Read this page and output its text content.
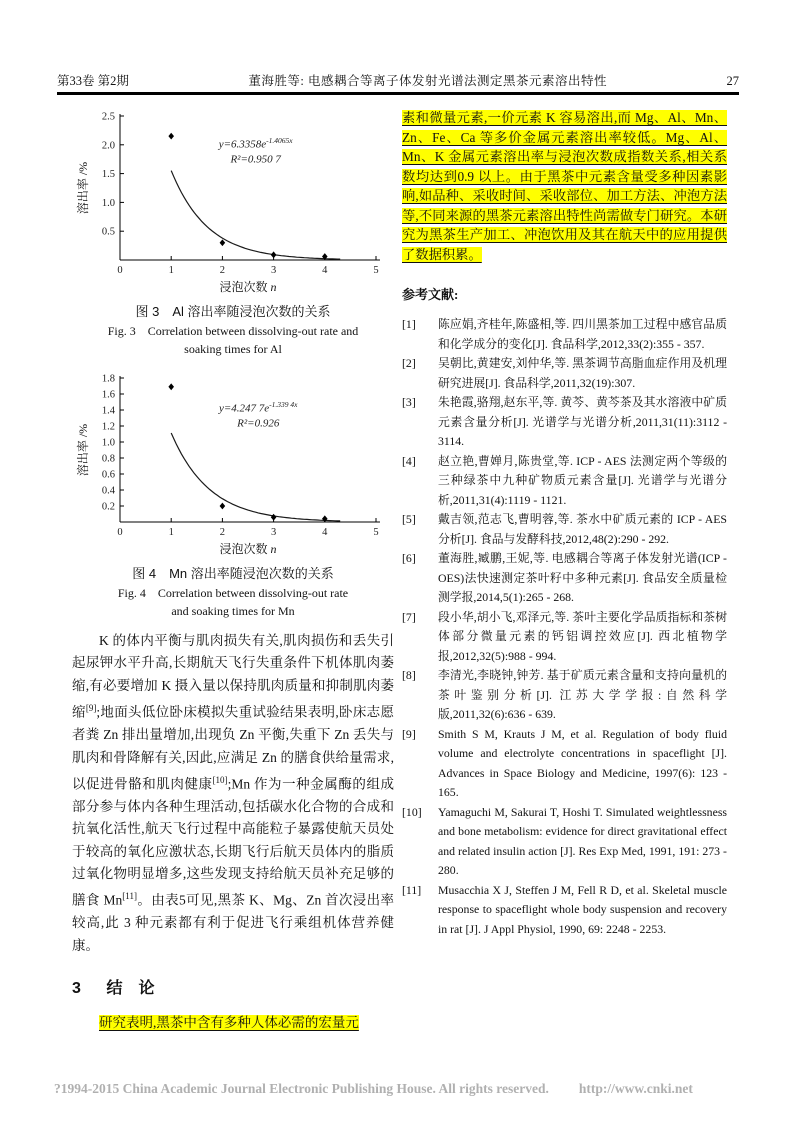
第33卷 第2期	董海胜等: 电感耦合等离子体发射光谱法测定黑茶元素溶出特性	27
0.5
1.0
1.5
2.0
2.5
0	1	2	3	4	5
$y=6.3358e^{-1.4065x}$
R²=0.950 7
浸泡次数 n
溶出率 /%
图 3　Al 溶出率随浸泡次数的关系
Fig. 3　Correlation between dissolving-out rate and
soaking times for Al
0.2
0.4
0.6
0.8
1.0
1.2
1.4
1.6
1.8
0	1	2	3	4	5
y=4.247 $7e^{-1.339 4x}$
R²=0.926
浸泡次数 n
溶出率 /%
图 4　Mn 溶出率随浸泡次数的关系
Fig. 4　Correlation between dissolving-out rate
and soaking times for Mn

K 的体内平衡与肌肉损失有关,肌肉损伤和丢失引起尿钾水平升高,长期航天飞行失重条件下机体肌肉萎缩,有必要增加 K 摄入量以保持肌肉质量和抑制肌肉萎缩[9];地面头低位卧床模拟失重试验结果表明,卧床志愿者粪 Zn 排出量增加,出现负 Zn 平衡,失重下 Zn 丢失与肌肉和骨降解有关,因此,应满足 Zn 的膳食供给量需求,以促进骨骼和肌肉健康[10];Mn 作为一种金属酶的组成部分参与体内各种生理活动,包括碳水化合物的合成和抗氧化活性,航天飞行过程中高能粒子暴露使航天员处于较高的氧化应激状态,长期飞行后航天员体内的脂质过氧化物明显增多,这些发现支持给航天员补充足够的膳食 Mn[11]。由表5可见,黑茶 K、Mg、Zn 首次浸出率较高,此 3 种元素都有利于促进飞行乘组机体营养健康。

3 结　论

研究表明,黑茶中含有多种人体必需的宏量元

素和微量元素,一价元素 K 容易溶出,而 Mg、Al、Mn、Zn、Fe、Ca 等多价金属元素溶出率较低。Mg、Al、Mn、K 金属元素溶出率与浸泡次数成指数关系,相关系数均达到0.9 以上。由于黑茶中元素含量受多种因素影响,如品种、采收时间、采收部位、加工方法、冲泡方法等,不同来源的黑茶元素溶出特性尚需做专门研究。本研究为黑茶生产加工、冲泡饮用及其在航天中的应用提供了数据积累。

参考文献:
[1]	陈应娟,齐桂年,陈盛相,等. 四川黑茶加工过程中感官品质和化学成分的变化[J]. 食品科学,2012,33(2):355 - 357.
[2]	吴朝比,黄建安,刘仲华,等. 黑茶调节高脂血症作用及机理研究进展[J]. 食品科学,2011,32(19):307.
[3]	朱艳霞,骆翔,赵东平,等. 黄芩、黄芩茶及其水溶液中矿质元素含量分析[J]. 光谱学与光谱分析,2011,31(11):3112 - 3114.
[4]	赵立艳,曹婵月,陈贵堂,等. ICP - AES 法测定两个等级的三种绿茶中九种矿物质元素含量[J]. 光谱学与光谱分析,2011,31(4):1119 - 1121.
[5]	戴吉领,范志飞,曹明蓉,等. 茶水中矿质元素的 ICP - AES 分析[J]. 食品与发酵科技,2012,48(2):290 - 292.
[6]	董海胜,臧鹏,王妮,等. 电感耦合等离子体发射光谱(ICP - OES)法快速测定茶叶籽中多种元素[J]. 食品安全质量检测学报,2014,5(1):265 - 268.
[7]	段小华,胡小飞,邓泽元,等. 茶叶主要化学品质指标和茶树体部分微量元素的钙铝调控效应[J]. 西北植物学报,2012,32(5):988 - 994.
[8]	李清光,李晓钟,钟芳. 基于矿质元素含量和支持向量机的茶叶鉴别分析[J]. 江苏大学学报:自然科学版,2011,32(6):636 - 639.
[9]	Smith S M, Krauts J M, et al. Regulation of body fluid volume and electrolyte concentrations in spaceflight [J]. Advances in Space Biology and Medicine, 1997(6): 123 - 165.
[10]	Yamaguchi M, Sakurai T, Hoshi T. Simulated weightlessness and bone metabolism: evidence for direct gravitational effect and related insulin action [J]. Res Exp Med, 1991, 191: 273 - 280.
[11]	Musacchia X J, Steffen J M, Fell R D, et al. Skeletal muscle response to spaceflight whole body suspension and recovery in rat [J]. J Appl Physiol, 1990, 69: 2248 - 2253.
?1994-2015 China Academic Journal Electronic Publishing House. All rights reserved. http://www.cnki.net
